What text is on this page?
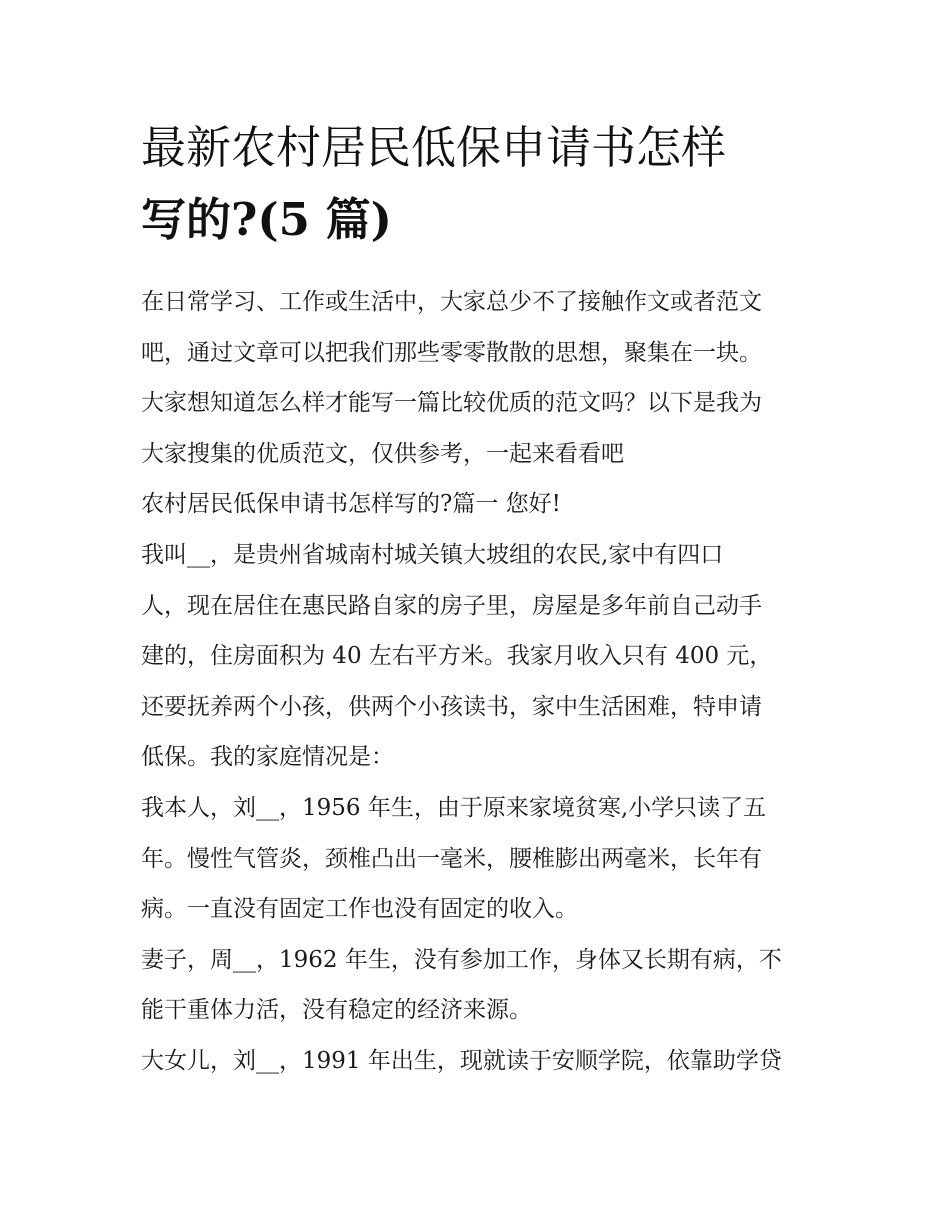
最新农村居民低保申请书怎样
写的?(5 篇)
在日常学习、工作或生活中，大家总少不了接触作文或者范文
吧，通过文章可以把我们那些零零散散的思想，聚集在一块。
大家想知道怎么样才能写一篇比较优质的范文吗？以下是我为
大家搜集的优质范文，仅供参考，一起来看看吧
农村居民低保申请书怎样写的?篇一 您好!
我叫__，是贵州省城南村城关镇大坡组的农民,家中有四口
人，现在居住在惠民路自家的房子里，房屋是多年前自己动手
建的，住房面积为 40 左右平方米。我家月收入只有 400 元，
还要抚养两个小孩，供两个小孩读书，家中生活困难，特申请
低保。我的家庭情况是：
我本人，刘__，1956 年生，由于原来家境贫寒,小学只读了五
年。慢性气管炎，颈椎凸出一毫米，腰椎膨出两毫米，长年有
病。一直没有固定工作也没有固定的收入。
妻子，周__，1962 年生，没有参加工作，身体又长期有病，不
能干重体力活，没有稳定的经济来源。
大女儿，刘__，1991 年出生，现就读于安顺学院，依靠助学贷
